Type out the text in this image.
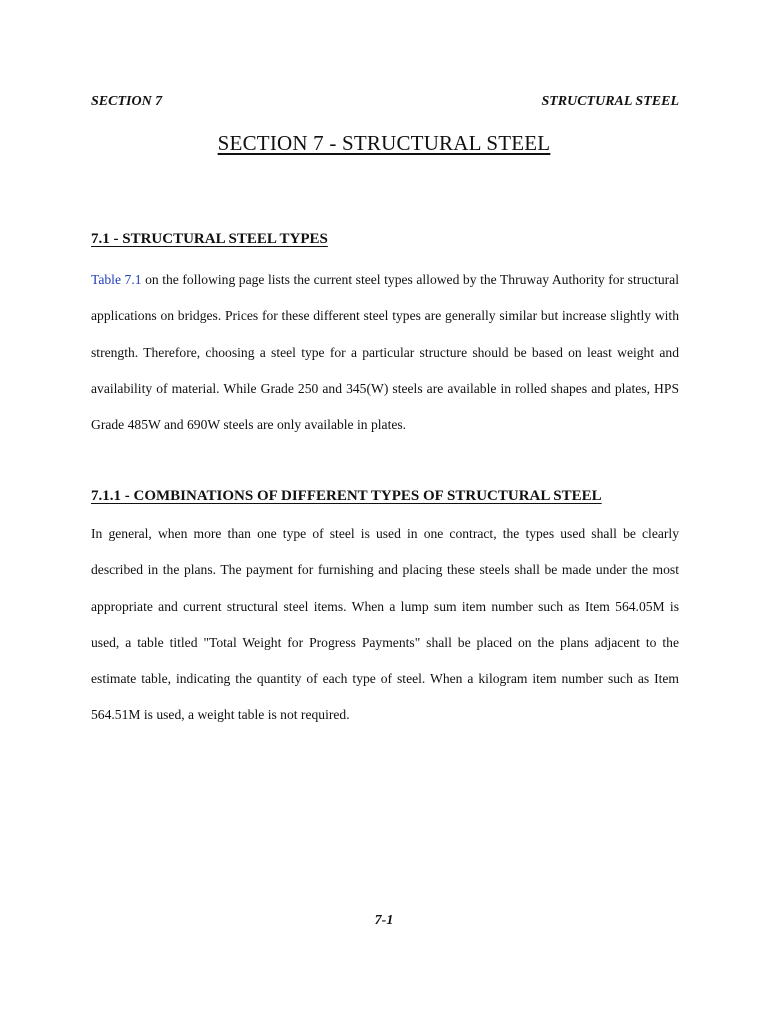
SECTION 7	STRUCTURAL STEEL
SECTION 7 - STRUCTURAL STEEL
7.1 - STRUCTURAL STEEL TYPES
Table 7.1 on the following page lists the current steel types allowed by the Thruway Authority for structural applications on bridges. Prices for these different steel types are generally similar but increase slightly with strength. Therefore, choosing a steel type for a particular structure should be based on least weight and availability of material. While Grade 250 and 345(W) steels are available in rolled shapes and plates, HPS Grade 485W and 690W steels are only available in plates.
7.1.1 - COMBINATIONS OF DIFFERENT TYPES OF STRUCTURAL STEEL
In general, when more than one type of steel is used in one contract, the types used shall be clearly described in the plans. The payment for furnishing and placing these steels shall be made under the most appropriate and current structural steel items. When a lump sum item number such as Item 564.05M is used, a table titled "Total Weight for Progress Payments" shall be placed on the plans adjacent to the estimate table, indicating the quantity of each type of steel. When a kilogram item number such as Item 564.51M is used, a weight table is not required.
7-1
